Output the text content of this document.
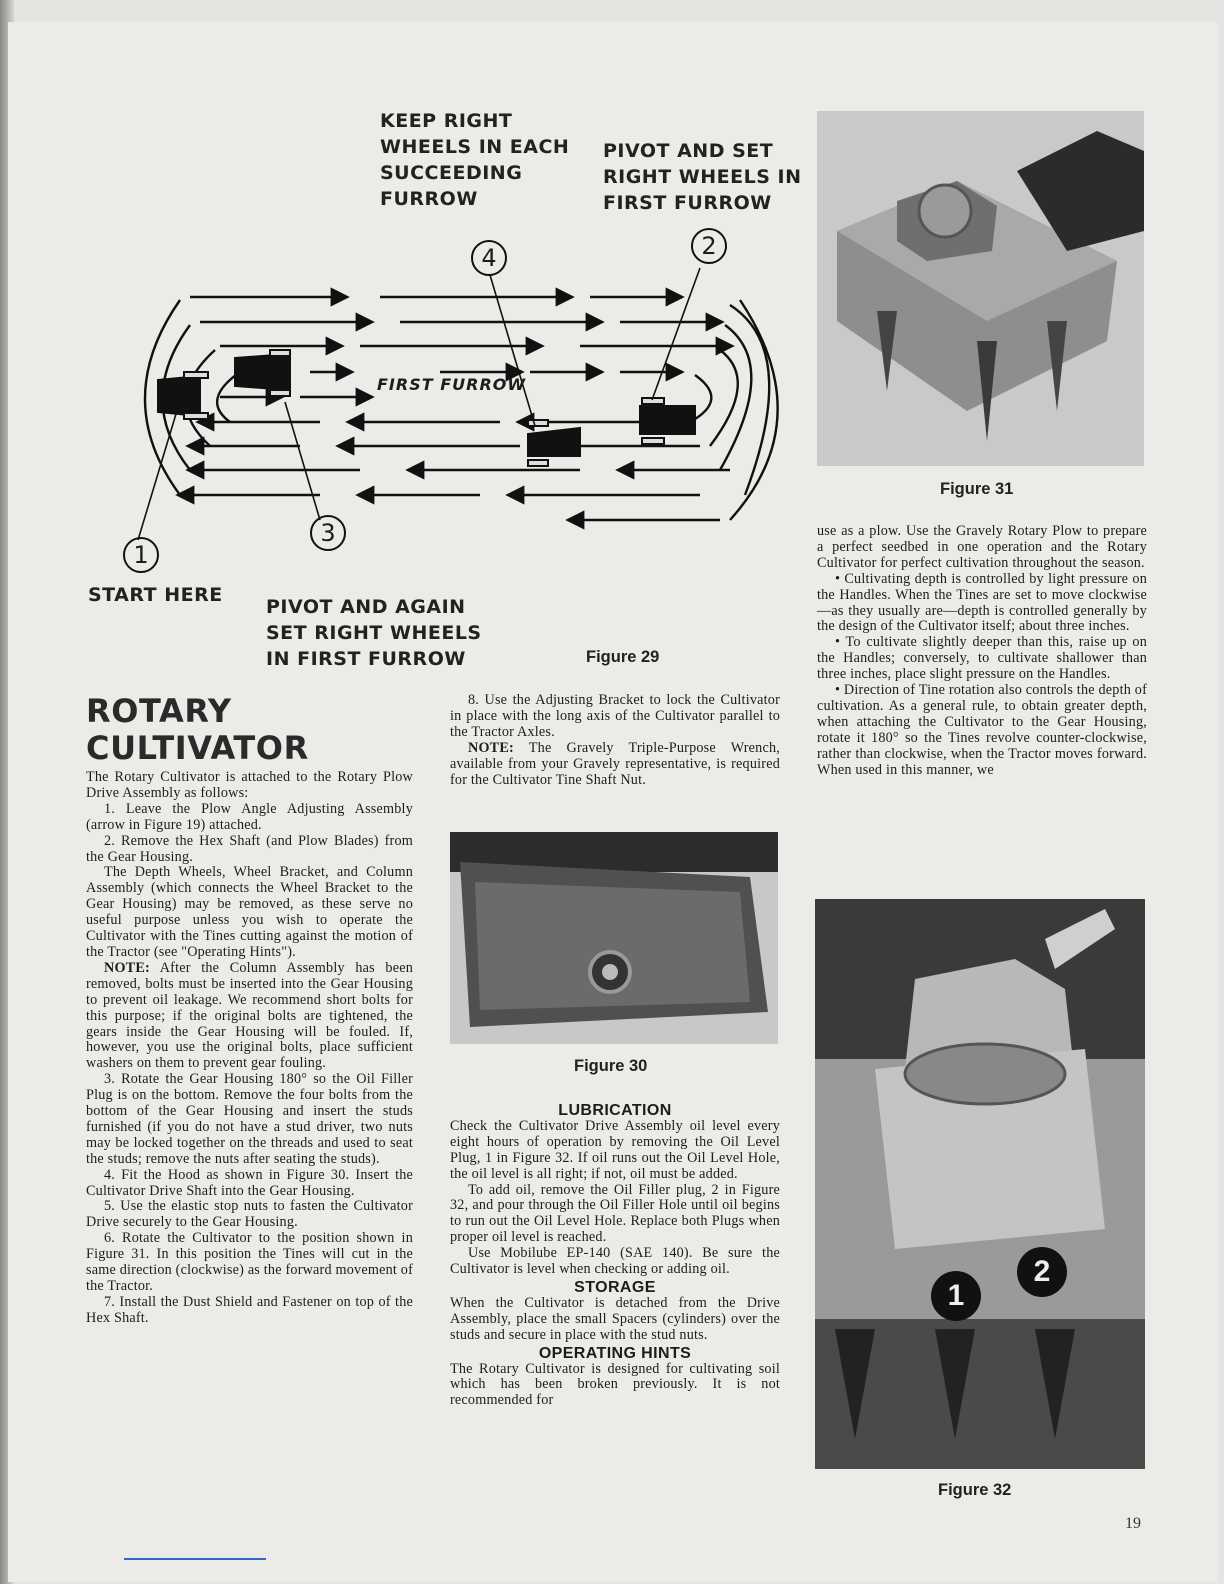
1
2
3
4
FIRST FURROW
KEEP RIGHT
WHEELS IN EACH
SUCCEEDING
FURROW
PIVOT AND SET
RIGHT WHEELS IN
FIRST FURROW
START HERE
PIVOT AND AGAIN
SET RIGHT WHEELS
IN FIRST FURROW	Figure 29
Figure 31
Figure 30
1
2
Figure 32
ROTARY
CULTIVATOR

The Rotary Cultivator is attached to the Rotary Plow Drive Assembly as follows:

1. Leave the Plow Angle Adjusting Assembly (arrow in Figure 19) attached.

2. Remove the Hex Shaft (and Plow Blades) from the Gear Housing.

The Depth Wheels, Wheel Bracket, and Column Assembly (which connects the Wheel Bracket to the Gear Housing) may be removed, as these serve no useful purpose unless you wish to operate the Cultivator with the Tines cutting against the motion of the Tractor (see "Operating Hints").

NOTE: After the Column Assembly has been removed, bolts must be inserted into the Gear Housing to prevent oil leakage. We recommend short bolts for this purpose; if the original bolts are tightened, the gears inside the Gear Housing will be fouled. If, however, you use the original bolts, place sufficient washers on them to prevent gear fouling.

3. Rotate the Gear Housing 180° so the Oil Filler Plug is on the bottom. Remove the four bolts from the bottom of the Gear Housing and insert the studs furnished (if you do not have a stud driver, two nuts may be locked together on the threads and used to seat the studs; remove the nuts after seating the studs).

4. Fit the Hood as shown in Figure 30. Insert the Cultivator Drive Shaft into the Gear Housing.

5. Use the elastic stop nuts to fasten the Cultivator Drive securely to the Gear Housing.

6. Rotate the Cultivator to the position shown in Figure 31. In this position the Tines will cut in the same direction (clockwise) as the forward movement of the Tractor.

7. Install the Dust Shield and Fastener on top of the Hex Shaft.

8. Use the Adjusting Bracket to lock the Cultivator in place with the long axis of the Cultivator parallel to the Tractor Axles.

NOTE: The Gravely Triple-Purpose Wrench, available from your Gravely representative, is required for the Cultivator Tine Shaft Nut.

LUBRICATION

Check the Cultivator Drive Assembly oil level every eight hours of operation by removing the Oil Level Plug, 1 in Figure 32. If oil runs out the Oil Level Hole, the oil level is all right; if not, oil must be added.

To add oil, remove the Oil Filler plug, 2 in Figure 32, and pour through the Oil Filler Hole until oil begins to run out the Oil Level Hole. Replace both Plugs when proper oil level is reached.

Use Mobilube EP-140 (SAE 140). Be sure the Cultivator is level when checking or adding oil.

STORAGE

When the Cultivator is detached from the Drive Assembly, place the small Spacers (cylinders) over the studs and secure in place with the stud nuts.

OPERATING HINTS

The Rotary Cultivator is designed for cultivating soil which has been broken previously. It is not recommended for

use as a plow. Use the Gravely Rotary Plow to prepare a perfect seedbed in one operation and the Rotary Cultivator for perfect cultivation throughout the season.

• Cultivating depth is controlled by light pressure on the Handles. When the Tines are set to move clockwise—as they usually are—depth is controlled generally by the design of the Cultivator itself; about three inches.

• To cultivate slightly deeper than this, raise up on the Handles; conversely, to cultivate shallower than three inches, place slight pressure on the Handles.

• Direction of Tine rotation also controls the depth of cultivation. As a general rule, to obtain greater depth, when attaching the Cultivator to the Gear Housing, rotate it 180° so the Tines revolve counter-clockwise, rather than clockwise, when the Tractor moves forward. When used in this manner, we

19
